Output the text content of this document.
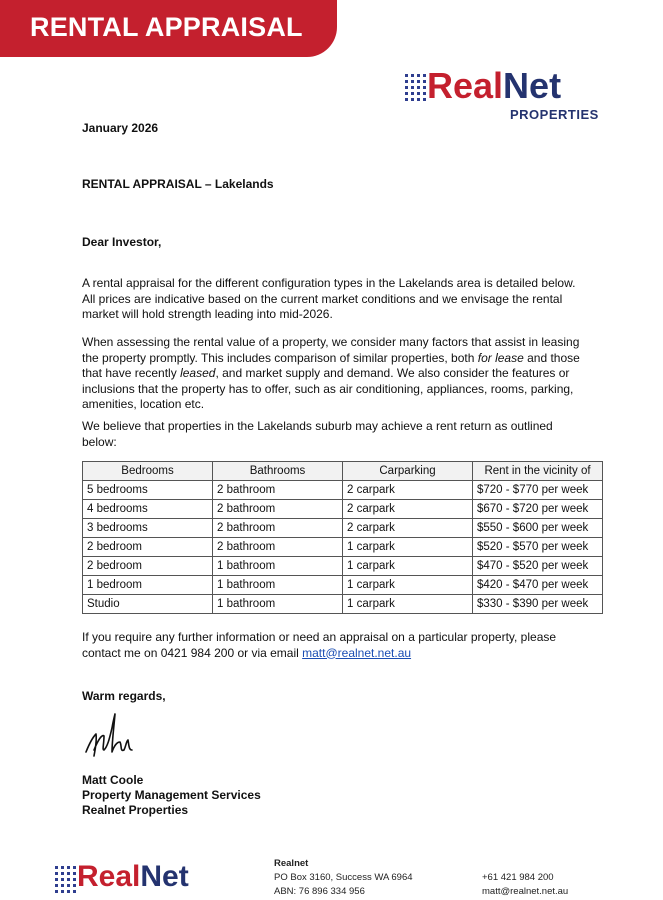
RENTAL APPRAISAL
RealNet
PROPERTIES
January 2026
RENTAL APPRAISAL – Lakelands
Dear Investor,
A rental appraisal for the different configuration types in the Lakelands area is detailed below. All prices are indicative based on the current market conditions and we envisage the rental market will hold strength leading into mid-2026.
When assessing the rental value of a property, we consider many factors that assist in leasing the property promptly. This includes comparison of similar properties, both for lease and those that have recently leased, and market supply and demand. We also consider the features or inclusions that the property has to offer, such as air conditioning, appliances, rooms, parking, amenities, location etc.
We believe that properties in the Lakelands suburb may achieve a rent return as outlined below:
Bedrooms	Bathrooms	Carparking	Rent in the vicinity of
5 bedrooms	2 bathroom	2 carpark	$720 - $770 per week
4 bedrooms	2 bathroom	2 carpark	$670 - $720 per week
3 bedrooms	2 bathroom	2 carpark	$550 - $600 per week
2 bedroom	2 bathroom	1 carpark	$520 - $570 per week
2 bedroom	1 bathroom	1 carpark	$470 - $520 per week
1 bedroom	1 bathroom	1 carpark	$420 - $470 per week
Studio	1 bathroom	1 carpark	$330 - $390 per week
If you require any further information or need an appraisal on a particular property, please contact me on 0421 984 200 or via email matt@realnet.net.au
Warm regards,
Matt Coole
Property Management Services
Realnet Properties
RealNet	Realnet
PO Box 3160, Success WA 6964
ABN: 76 896 334 956
+61 421 984 200
matt@realnet.net.au
